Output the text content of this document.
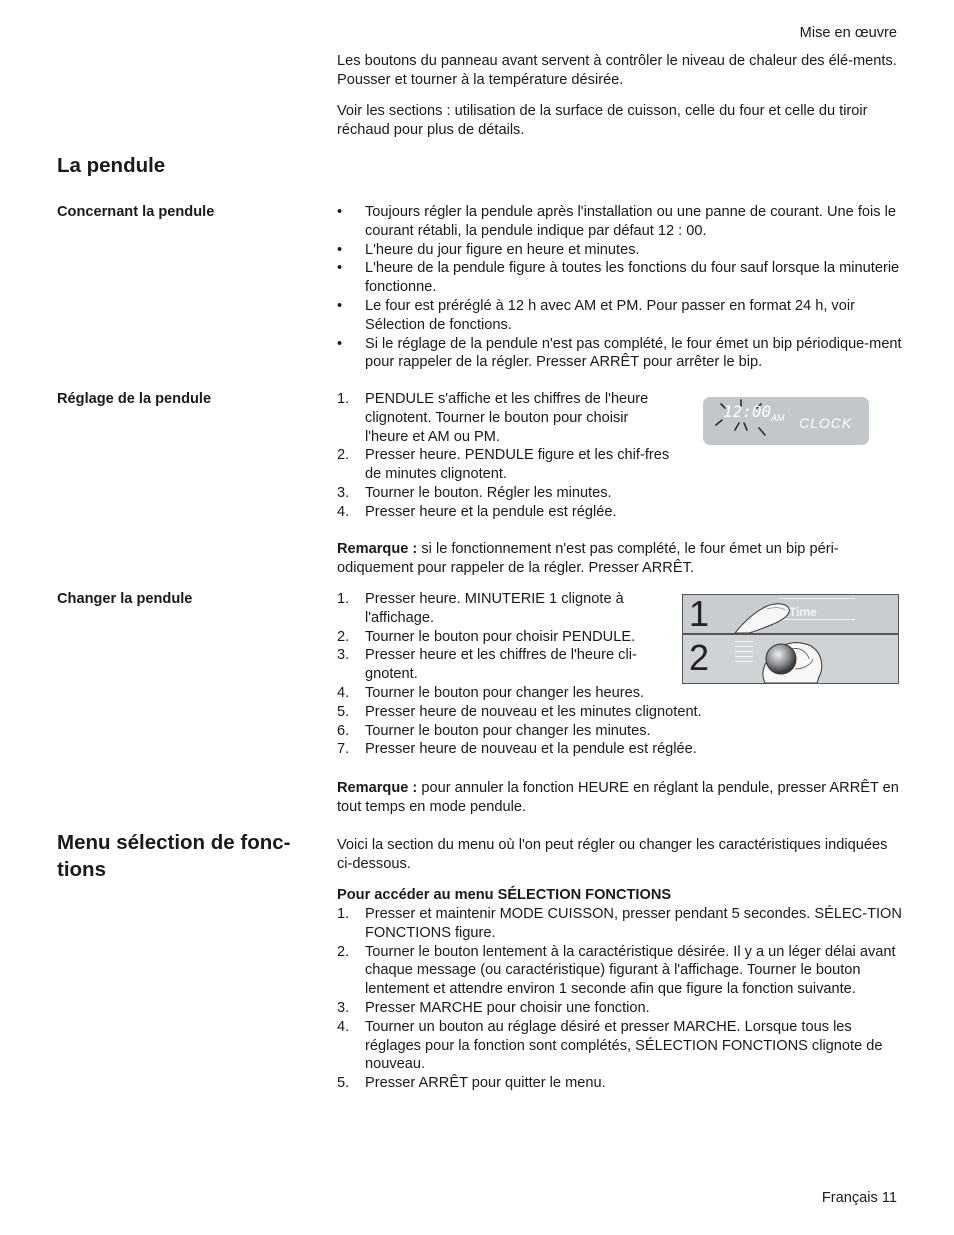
Mise en œuvre

Les boutons du panneau avant servent à contrôler le niveau de chaleur des élé-ments. Pousser et tourner à la température désirée.

Voir les sections : utilisation de la surface de cuisson, celle du four et celle du tiroir réchaud pour plus de détails.

La pendule
Concernant la pendule	• Toujours régler la pendule après l'installation ou une panne de courant. Une fois le courant rétabli, la pendule indique par défaut 12 : 00.
• L'heure du jour figure en heure et minutes.
• L'heure de la pendule figure à toutes les fonctions du four sauf lorsque la minuterie fonctionne.
• Le four est préréglé à 12 h avec AM et PM. Pour passer en format 24 h, voir Sélection de fonctions.
• Si le réglage de la pendule n'est pas complété, le four émet un bip périodique-ment pour rappeler de la régler. Presser ARRÊT pour arrêter le bip.
Réglage de la pendule	1. PENDULE s'affiche et les chiffres de l'heure clignotent. Tourner le bouton pour choisir l'heure et AM ou PM.
2. Presser heure. PENDULE figure et les chif-fres de minutes clignotent.
3. Tourner le bouton. Régler les minutes.
4. Presser heure et la pendule est réglée.
12:00 AM CLOCK

Remarque : si le fonctionnement n'est pas complété, le four émet un bip péri-odiquement pour rappeler de la régler. Presser ARRÊT.

Changer la pendule	1. Presser heure. MINUTERIE 1 clignote à l'affichage.
2. Tourner le bouton pour choisir PENDULE.
3. Presser heure et les chiffres de l'heure cli-gnotent.
4. Tourner le bouton pour changer les heures.
5. Presser heure de nouveau et les minutes clignotent.
6. Tourner le bouton pour changer les minutes.
7. Presser heure de nouveau et la pendule est réglée.
1	Time
2

Remarque : pour annuler la fonction HEURE en réglant la pendule, presser ARRÊT en tout temps en mode pendule.

Menu sélection de fonc-tions

Voici la section du menu où l'on peut régler ou changer les caractéristiques indiquées ci-dessous.

Pour accéder au menu SÉLECTION FONCTIONS
1. Presser et maintenir MODE CUISSON, presser pendant 5 secondes. SÉLEC-TION FONCTIONS figure.
2. Tourner le bouton lentement à la caractéristique désirée. Il y a un léger délai avant chaque message (ou caractéristique) figurant à l'affichage. Tourner le bouton lentement et attendre environ 1 seconde afin que figure la fonction suivante.
3. Presser MARCHE pour choisir une fonction.
4. Tourner un bouton au réglage désiré et presser MARCHE. Lorsque tous les réglages pour la fonction sont complétés, SÉLECTION FONCTIONS clignote de nouveau.
5. Presser ARRÊT pour quitter le menu.
Français 11
